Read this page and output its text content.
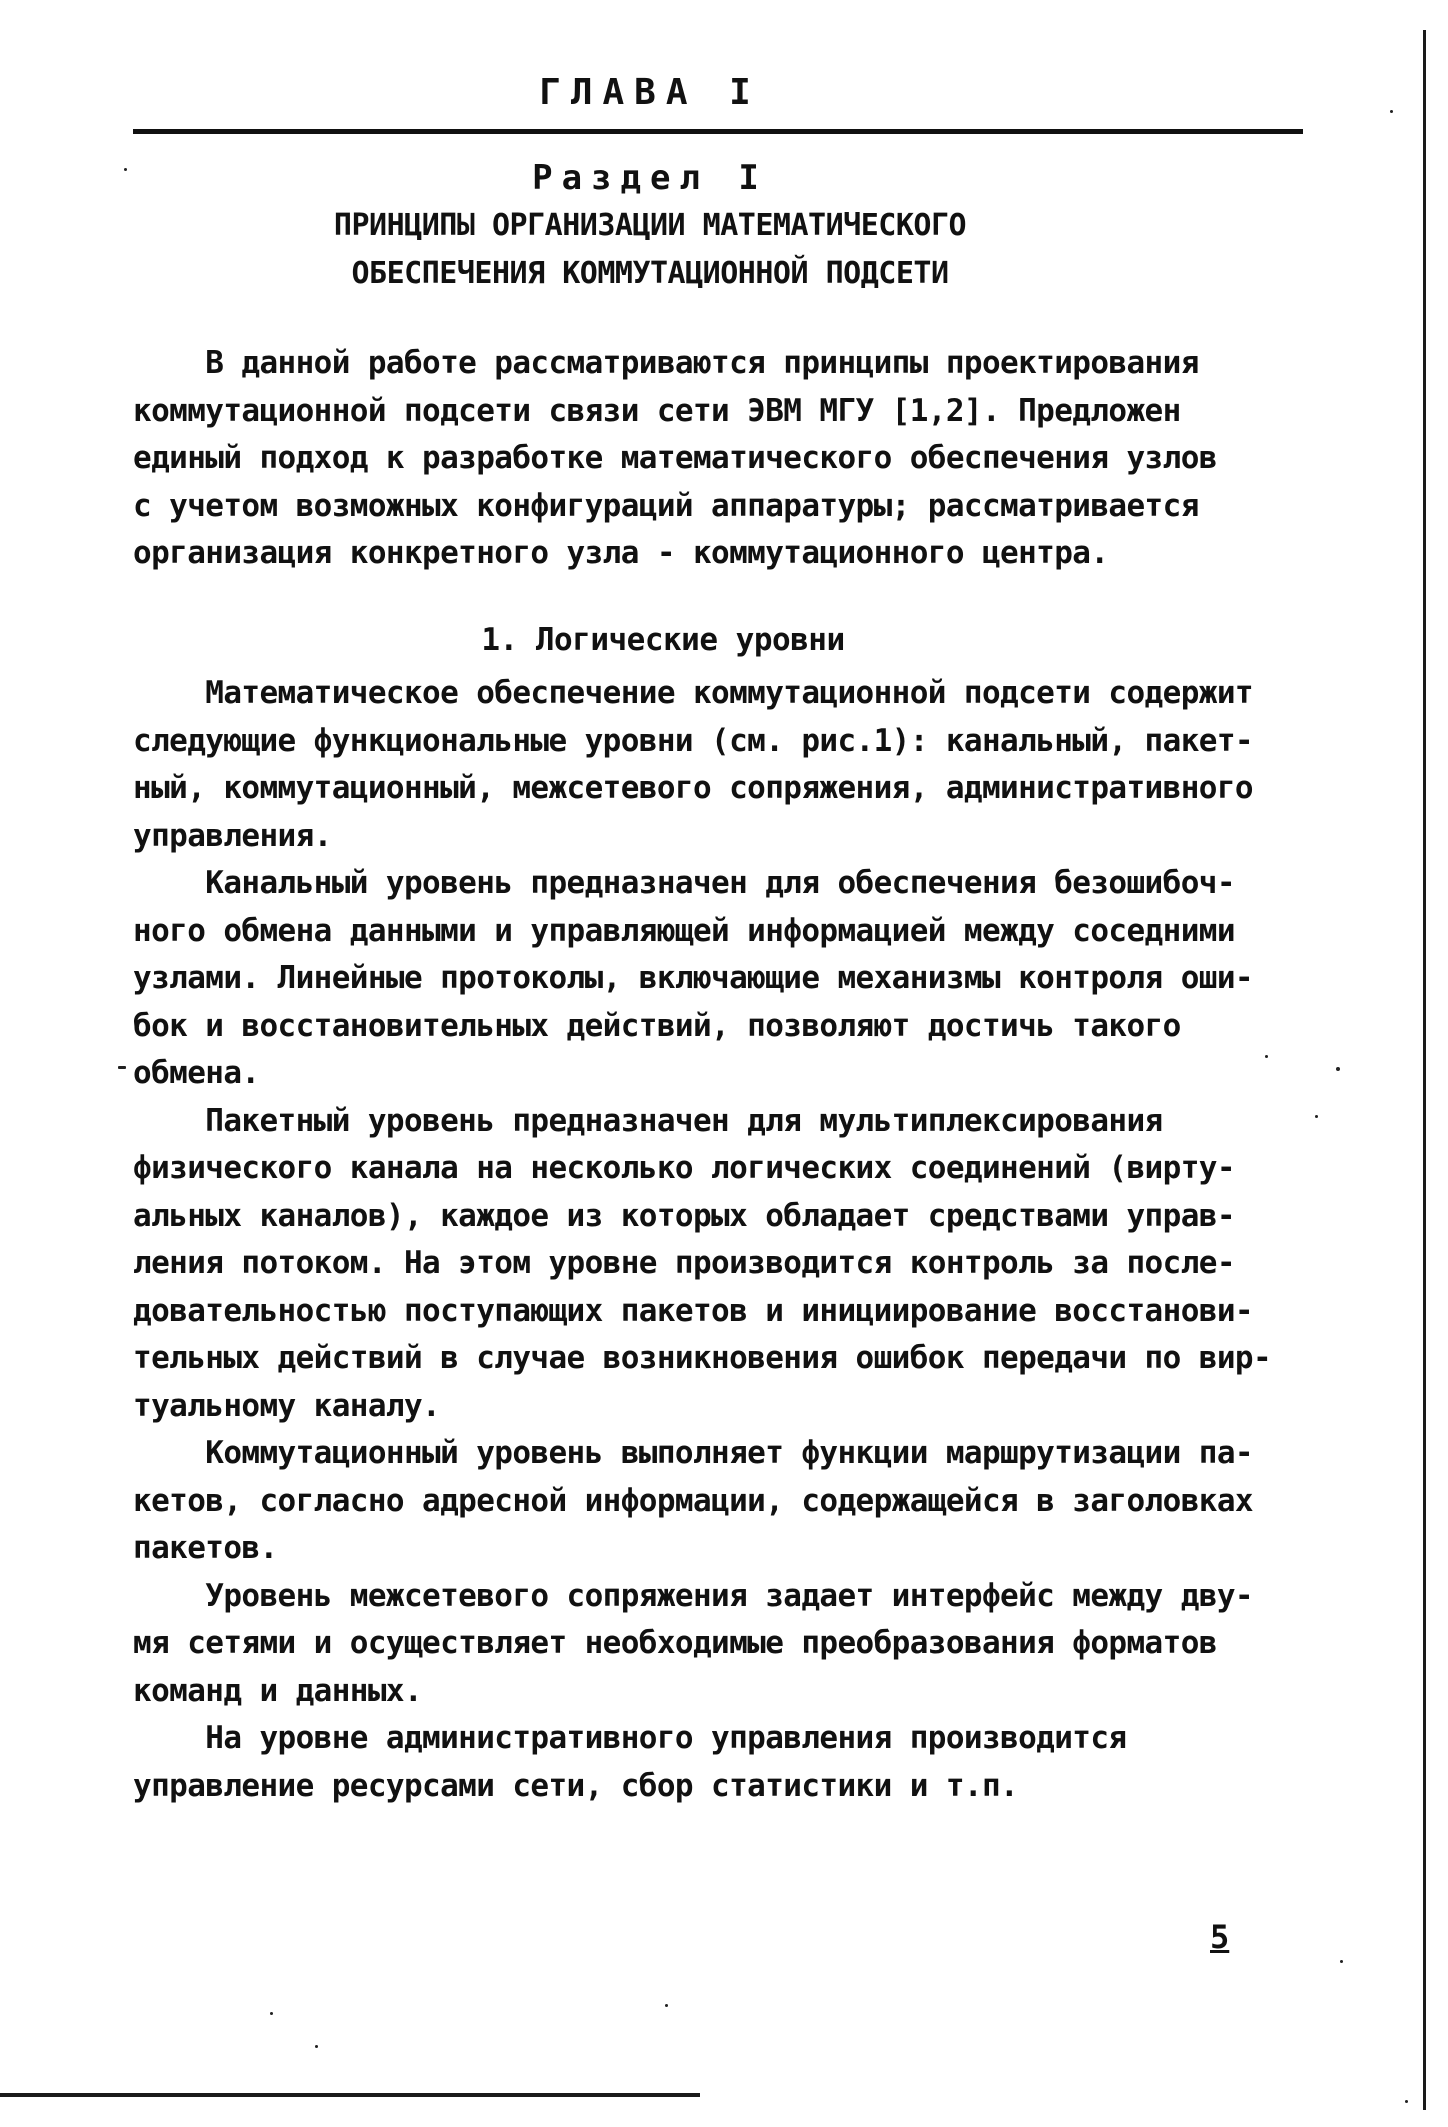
ГЛАВА I
Раздел I
ПРИНЦИПЫ ОРГАНИЗАЦИИ МАТЕМАТИЧЕСКОГО
ОБЕСПЕЧЕНИЯ КОММУТАЦИОННОЙ ПОДСЕТИ
В данной работе рассматриваются принципы проектирования
коммутационной подсети связи сети ЭВМ МГУ [1,2]. Предложен
единый подход к разработке математического обеспечения узлов
с учетом возможных конфигураций аппаратуры; рассматривается
организация конкретного узла - коммутационного центра.
1. Логические уровни
Математическое обеспечение коммутационной подсети содержит
следующие функциональные уровни (см. рис.1): канальный, пакет-
ный, коммутационный, межсетевого сопряжения, административного
управления.
Канальный уровень предназначен для обеспечения безошибоч-
ного обмена данными и управляющей информацией между соседними
узлами. Линейные протоколы, включающие механизмы контроля оши-
бок и восстановительных действий, позволяют достичь такого
обмена.
Пакетный уровень предназначен для мультиплексирования
физического канала на несколько логических соединений (вирту-
альных каналов), каждое из которых обладает средствами управ-
ления потоком. На этом уровне производится контроль за после-
довательностью поступающих пакетов и инициирование восстанови-
тельных действий в случае возникновения ошибок передачи по вир-
туальному каналу.
Коммутационный уровень выполняет функции маршрутизации па-
кетов, согласно адресной информации, содержащейся в заголовках
пакетов.
Уровень межсетевого сопряжения задает интерфейс между дву-
мя сетями и осуществляет необходимые преобразования форматов
команд и данных.
На уровне административного управления производится
управление ресурсами сети, сбор статистики и т.п.
5
